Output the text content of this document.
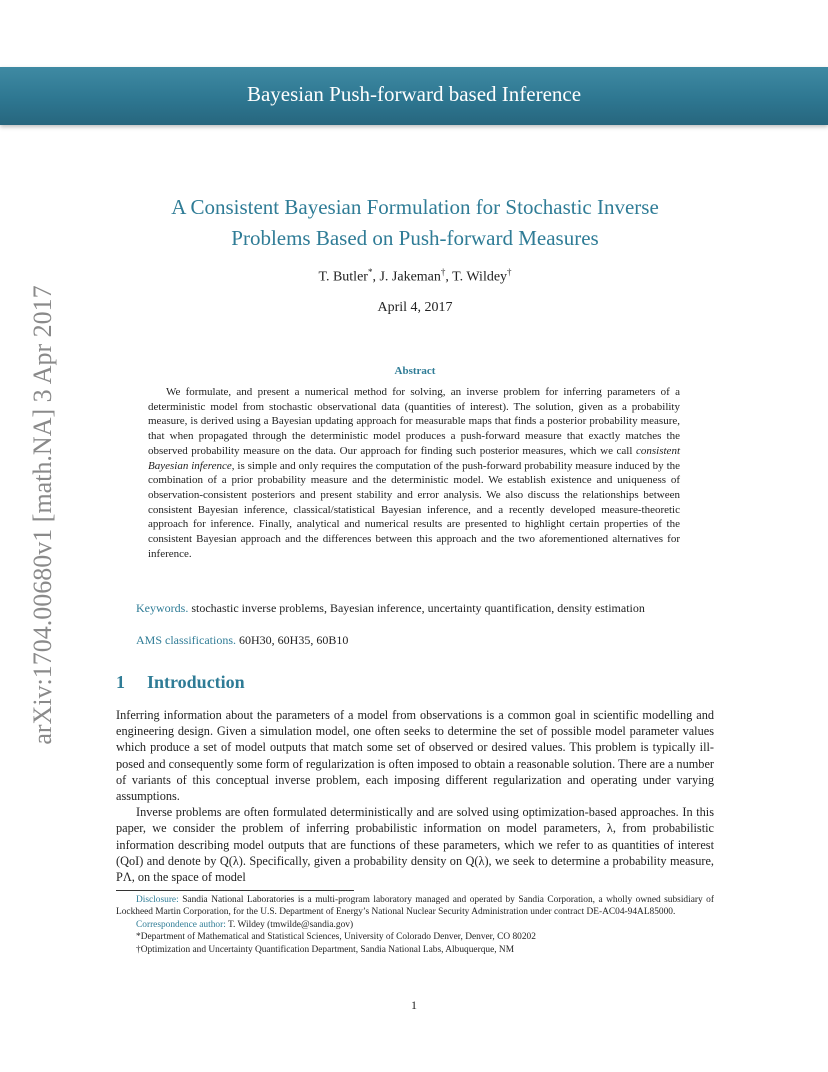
Bayesian Push-forward based Inference
arXiv:1704.00680v1 [math.NA] 3 Apr 2017
A Consistent Bayesian Formulation for Stochastic Inverse
Problems Based on Push-forward Measures
T. Butler*, J. Jakeman†, T. Wildey†
April 4, 2017
Abstract
We formulate, and present a numerical method for solving, an inverse problem for inferring parameters of a deterministic model from stochastic observational data (quantities of interest). The solution, given as a probability measure, is derived using a Bayesian updating approach for measurable maps that finds a posterior probability measure, that when propagated through the deterministic model produces a push-forward measure that exactly matches the observed probability measure on the data. Our approach for finding such posterior measures, which we call consistent Bayesian inference, is simple and only requires the computation of the push-forward probability measure induced by the combination of a prior probability measure and the deterministic model. We establish existence and uniqueness of observation-consistent posteriors and present stability and error analysis. We also discuss the relationships between consistent Bayesian inference, classical/statistical Bayesian inference, and a recently developed measure-theoretic approach for inference. Finally, analytical and numerical results are presented to highlight certain properties of the consistent Bayesian approach and the differences between this approach and the two aforementioned alternatives for inference.
Keywords. stochastic inverse problems, Bayesian inference, uncertainty quantification, density estimation
AMS classifications. 60H30, 60H35, 60B10
1 Introduction

Inferring information about the parameters of a model from observations is a common goal in scientific modelling and engineering design. Given a simulation model, one often seeks to determine the set of possible model parameter values which produce a set of model outputs that match some set of observed or desired values. This problem is typically ill-posed and consequently some form of regularization is often imposed to obtain a reasonable solution. There are a number of variants of this conceptual inverse problem, each imposing different regularization and operating under varying assumptions.

Inverse problems are often formulated deterministically and are solved using optimization-based approaches. In this paper, we consider the problem of inferring probabilistic information on model parameters, λ, from probabilistic information describing model outputs that are functions of these parameters, which we refer to as quantities of interest (QoI) and denote by Q(λ). Specifically, given a probability density on Q(λ), we seek to determine a probability measure, PΛ, on the space of model

Disclosure: Sandia National Laboratories is a multi-program laboratory managed and operated by Sandia Corporation, a wholly owned subsidiary of Lockheed Martin Corporation, for the U.S. Department of Energy’s National Nuclear Security Administration under contract DE-AC04-94AL85000.

Correspondence author: T. Wildey (tmwilde@sandia.gov)

*Department of Mathematical and Statistical Sciences, University of Colorado Denver, Denver, CO 80202

†Optimization and Uncertainty Quantification Department, Sandia National Labs, Albuquerque, NM

1
